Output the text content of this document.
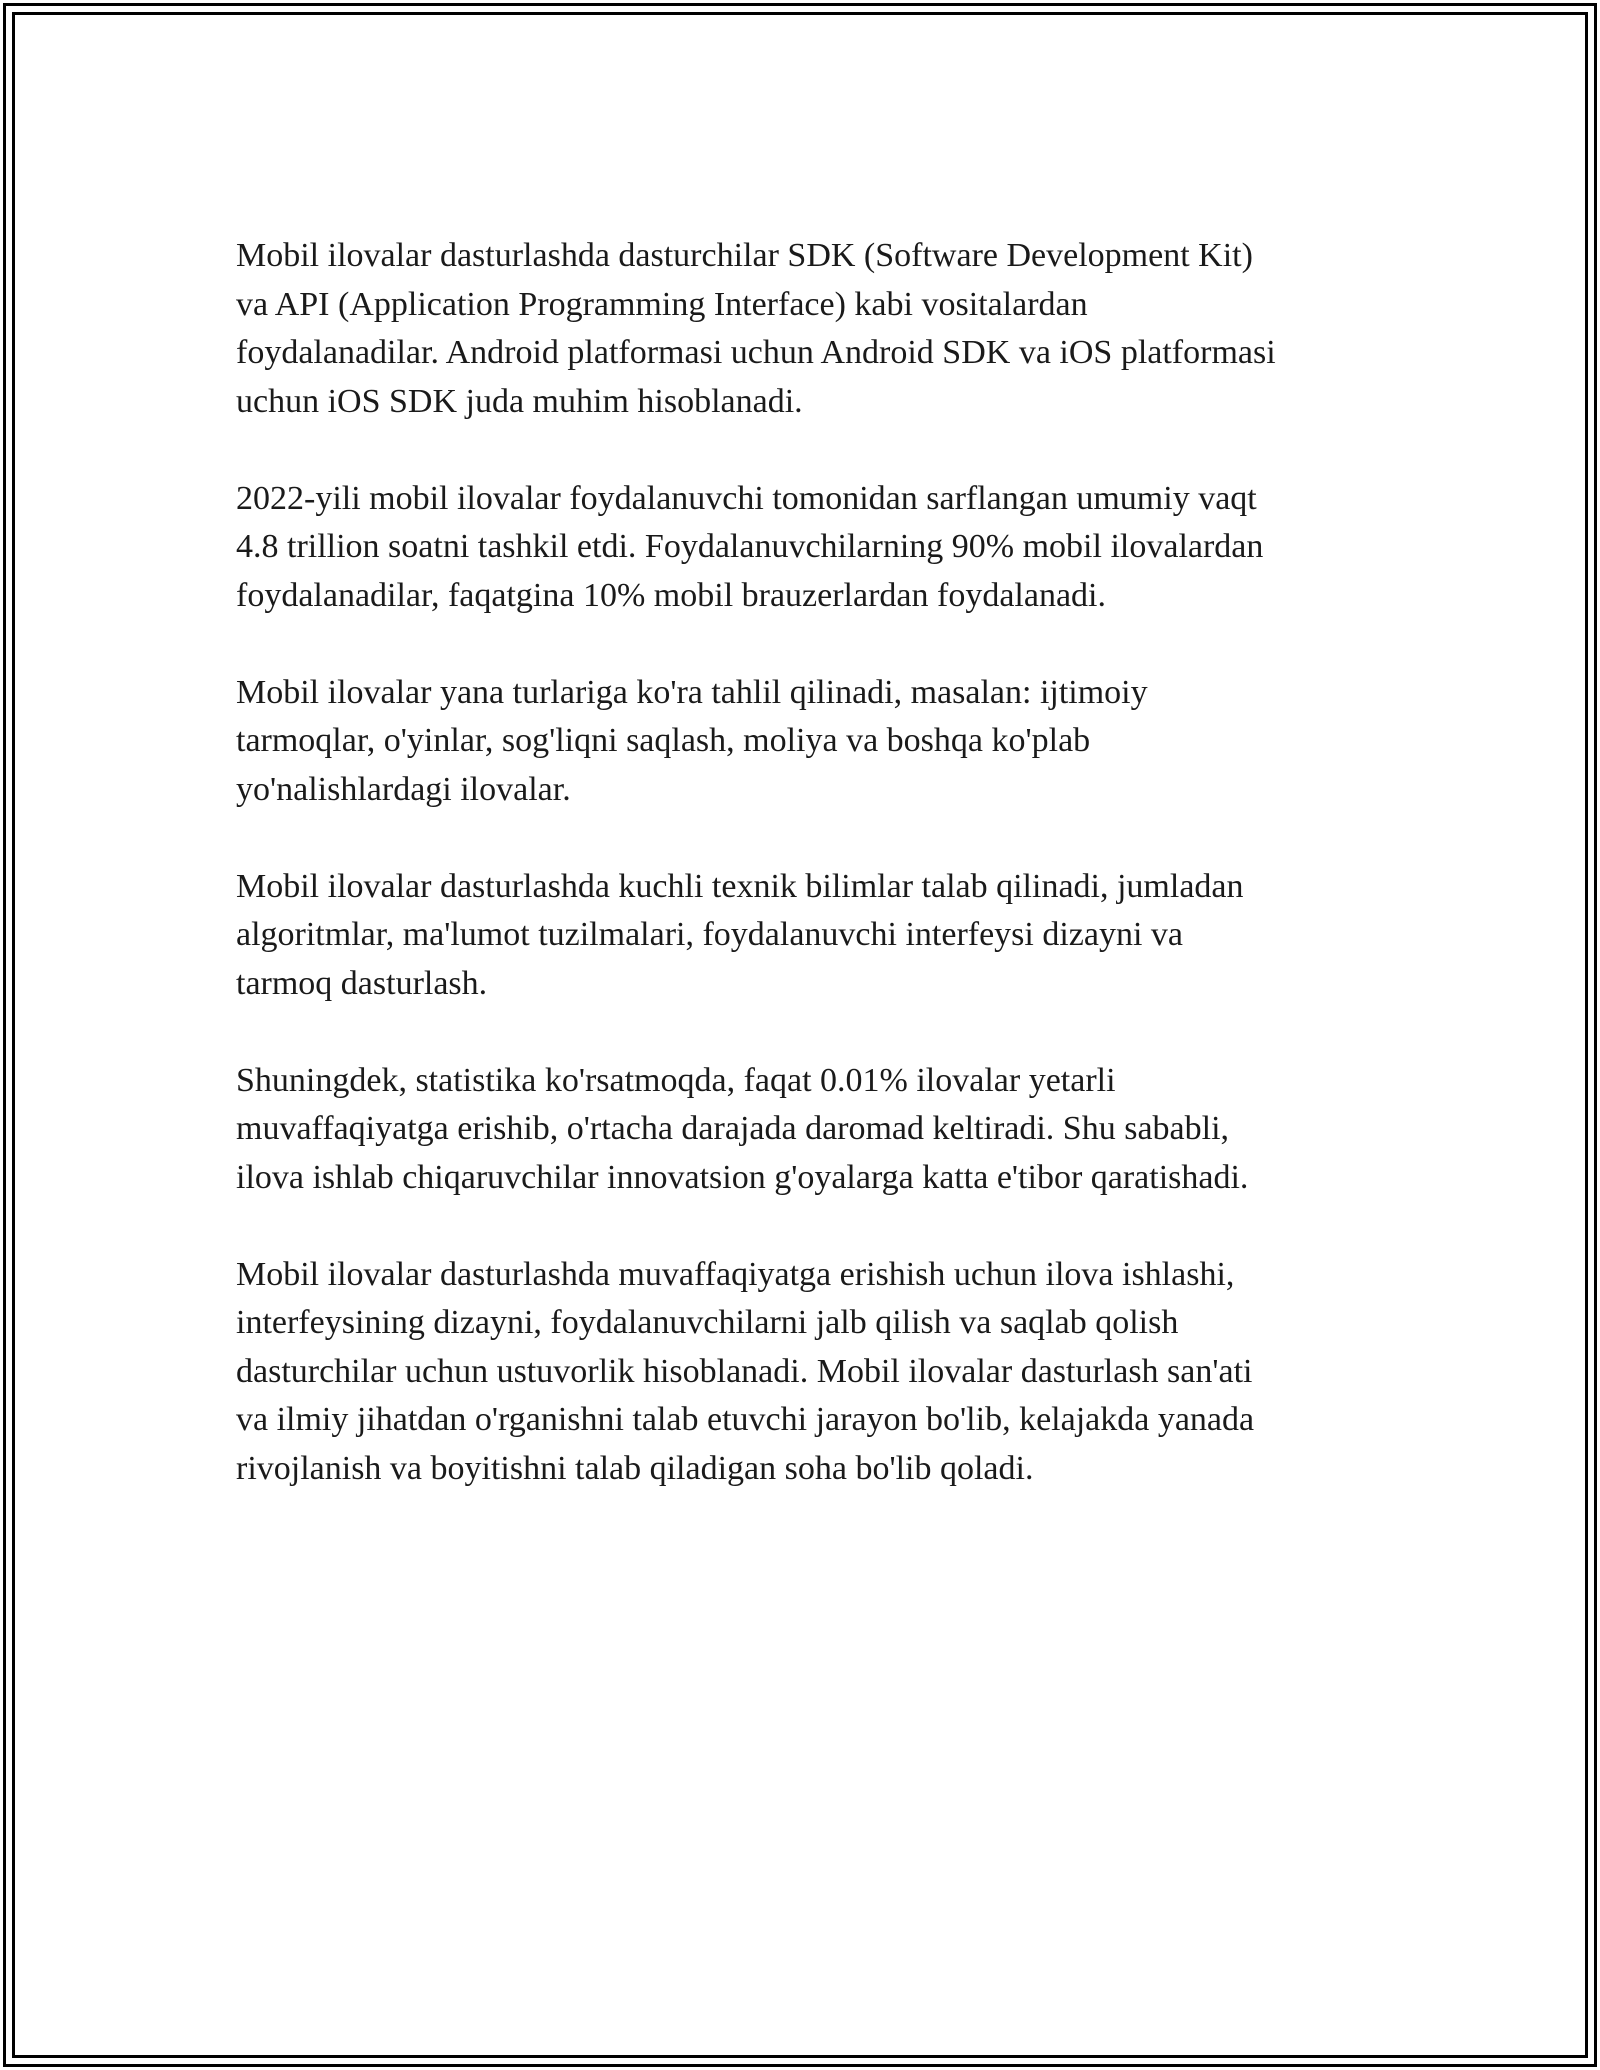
Mobil ilovalar dasturlashda dasturchilar SDK (Software Development Kit)
va API (Application Programming Interface) kabi vositalardan
foydalanadilar. Android platformasi uchun Android SDK va iOS platformasi
uchun iOS SDK juda muhim hisoblanadi.

2022-yili mobil ilovalar foydalanuvchi tomonidan sarflangan umumiy vaqt
4.8 trillion soatni tashkil etdi. Foydalanuvchilarning 90% mobil ilovalardan
foydalanadilar, faqatgina 10% mobil brauzerlardan foydalanadi.

Mobil ilovalar yana turlariga ko'ra tahlil qilinadi, masalan: ijtimoiy
tarmoqlar, o'yinlar, sog'liqni saqlash, moliya va boshqa ko'plab
yo'nalishlardagi ilovalar.

Mobil ilovalar dasturlashda kuchli texnik bilimlar talab qilinadi, jumladan
algoritmlar, ma'lumot tuzilmalari, foydalanuvchi interfeysi dizayni va
tarmoq dasturlash.

Shuningdek, statistika ko'rsatmoqda, faqat 0.01% ilovalar yetarli
muvaffaqiyatga erishib, o'rtacha darajada daromad keltiradi. Shu sababli,
ilova ishlab chiqaruvchilar innovatsion g'oyalarga katta e'tibor qaratishadi.

Mobil ilovalar dasturlashda muvaffaqiyatga erishish uchun ilova ishlashi,
interfeysining dizayni, foydalanuvchilarni jalb qilish va saqlab qolish
dasturchilar uchun ustuvorlik hisoblanadi. Mobil ilovalar dasturlash san'ati
va ilmiy jihatdan o'rganishni talab etuvchi jarayon bo'lib, kelajakda yanada
rivojlanish va boyitishni talab qiladigan soha bo'lib qoladi.
